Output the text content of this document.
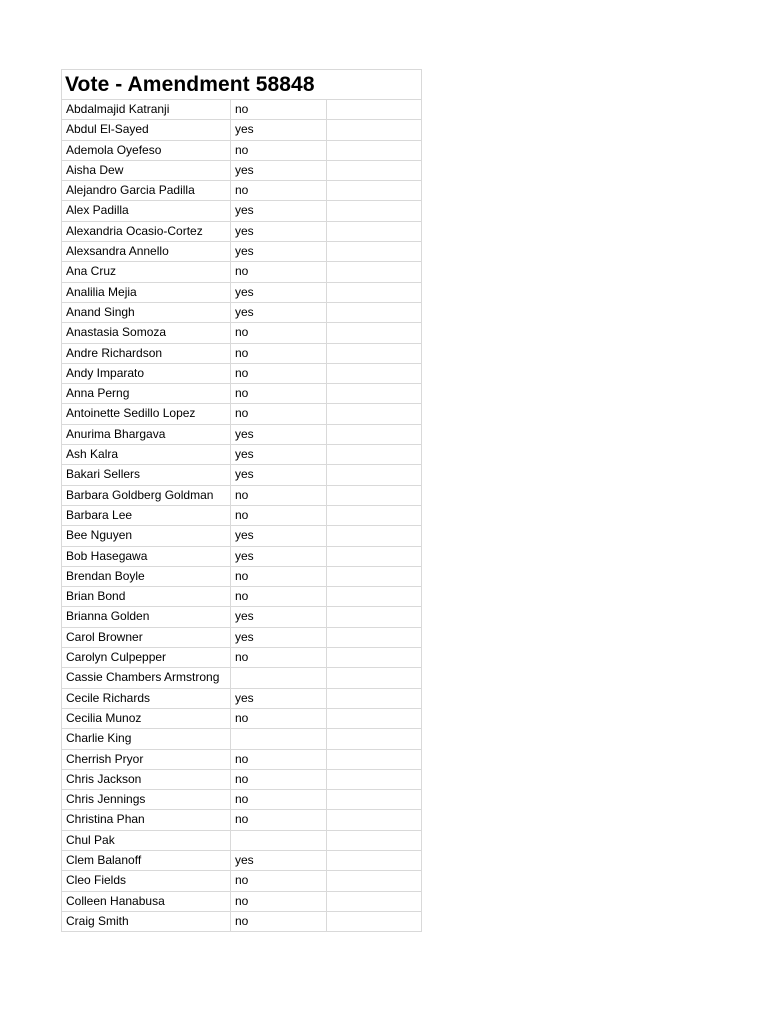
Vote - Amendment 58848
Abdalmajid Katranji	no
Abdul El-Sayed	yes
Ademola Oyefeso	no
Aisha Dew	yes
Alejandro Garcia Padilla	no
Alex Padilla	yes
Alexandria Ocasio-Cortez	yes
Alexsandra Annello	yes
Ana Cruz	no
Analilia Mejia	yes
Anand Singh	yes
Anastasia Somoza	no
Andre Richardson	no
Andy Imparato	no
Anna Perng	no
Antoinette Sedillo Lopez	no
Anurima Bhargava	yes
Ash Kalra	yes
Bakari Sellers	yes
Barbara Goldberg Goldman	no
Barbara Lee	no
Bee Nguyen	yes
Bob Hasegawa	yes
Brendan Boyle	no
Brian Bond	no
Brianna Golden	yes
Carol Browner	yes
Carolyn Culpepper	no
Cassie Chambers Armstrong
Cecile Richards	yes
Cecilia Munoz	no
Charlie King
Cherrish Pryor	no
Chris Jackson	no
Chris Jennings	no
Christina Phan	no
Chul Pak
Clem Balanoff	yes
Cleo Fields	no
Colleen Hanabusa	no
Craig Smith	no
